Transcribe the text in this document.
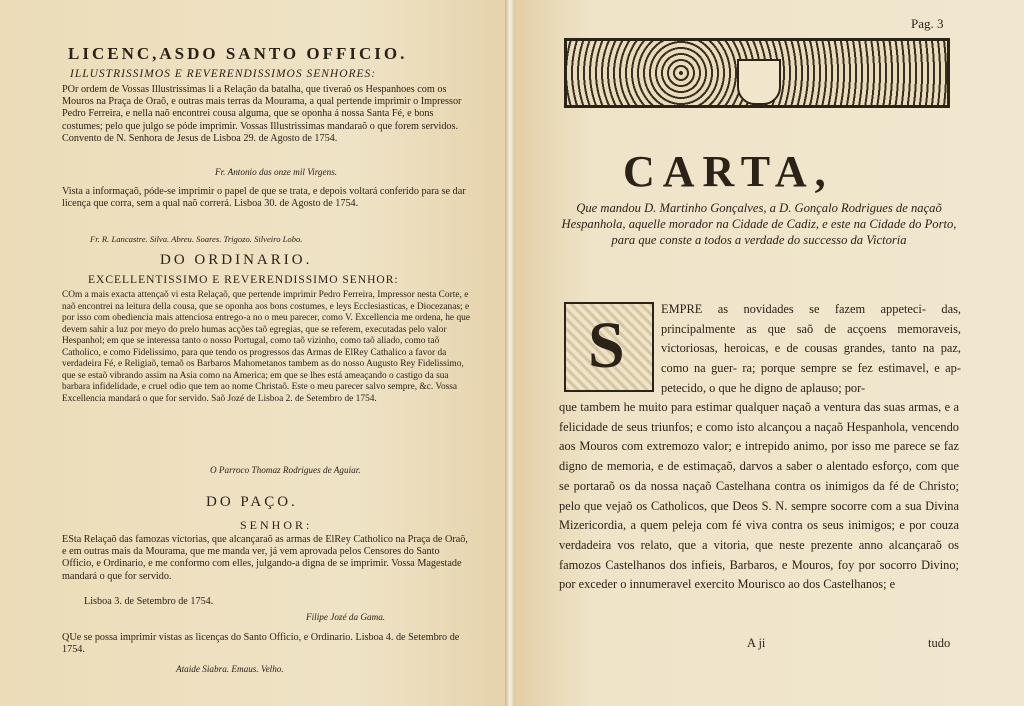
LICENC,ASDO SANTO OFFICIO.
ILLUSTRISSIMOS E REVERENDISSIMOS SENHORES:
POr ordem de Vossas Illustrissimas li a Relação da batalha, que tiveraõ os Hespanhoes com os Mouros na Praça de Oraõ, e outras mais terras da Mourama, a qual pertende imprimir o Impressor Pedro Ferreira, e nella naõ encontrei cousa alguma, que se oponha á nossa Santa Fé, e bons costumes; pelo que julgo se póde imprimir. Vossas Illustrissimas mandaraõ o que forem servidos. Convento de N. Senhora de Jesus de Lisboa 29. de Agosto de 1754.
Fr. Antonio das onze mil Virgens.
Vista a informaçaõ, póde-se imprimir o papel de que se trata, e depois voltará conferido para se dar licença que corra, sem a qual naõ correrá. Lisboa 30. de Agosto de 1754.
Fr. R. Lancastre. Silva. Abreu. Soares. Trigozo. Silveiro Lobo.
DO ORDINARIO.
EXCELLENTISSIMO E REVERENDISSIMO SENHOR:
COm a mais exacta attençaõ vi esta Relaçaõ, que pertende imprimir Pedro Ferreira, Impressor nesta Corte, e naõ encontrei na leitura della cousa, que se oponha aos bons costumes, e leys Ecclesiasticas, e Diocezanas; e por isso com obediencia mais attenciosa entrego-a no o meu parecer, como V. Excellencia me ordena, he que devem sahir a luz por meyo do prelo humas acções taõ egregias, que se referem, executadas pelo valor Hespanhol; em que se interessa tanto o nosso Portugal, como taõ vizinho, como taõ aliado, como taõ Catholico, e como Fidelissimo, para que tendo os progressos das Armas de ElRey Cathalico a favor da verdadeira Fé, e Religiaõ, temaõ os Barbaros Mahometanos tambem as do nosso Augusto Rey Fidelissimo, que se estaõ vibrando assim na Asia como na America; em que se lhes está ameaçando o castigo da sua barbara infidelidade, e cruel odio que tem ao nome Christaõ. Este o meu parecer salvo sempre, &c. Vossa Excellencia mandará o que for servido. Saõ Jozé de Lisboa 2. de Setembro de 1754.
O Parroco Thomaz Rodrigues de Aguiar.
DO PAÇO.
SENHOR:
ESta Relaçaõ das famozas victorias, que alcançaraõ as armas de ElRey Catholico na Praça de Oraõ, e em outras mais da Mourama, que me manda ver, já vem aprovada pelos Censores do Santo Officio, e Ordinario, e me conformo com elles, julgando-a digna de se imprimir. Vossa Magestade mandará o que for servido.
Lisboa 3. de Setembro de 1754.
Filipe Jozé da Gama.
QUe se possa imprimir vistas as licenças do Santo Officio, e Ordinario. Lisboa 4. de Setembro de 1754.
Ataide Siabra. Emaus. Velho.
Pag. 3
CARTA,
Que mandou D. Martinho Gonçalves, a D. Gonçalo Rodrigues de naçaõ Hespanhola, aquelle morador na Cidade de Cadiz, e este na Cidade do Porto, para que conste a todos a verdade do successo da Victoria
S	EMPRE as novidades se fazem appeteci- das, principalmente as que saõ de acçoens memoraveis, victoriosas, heroicas, e de cousas grandes, tanto na paz, como na guer- ra; porque sempre se fez estimavel, e ap- petecido, o que he digno de aplauso; por-
que tambem he muito para estimar qualquer naçaõ a ventura das suas armas, e a felicidade de seus triunfos; e como isto alcançou a naçaõ Hespanhola, vencendo aos Mouros com extremozo valor; e intrepido animo, por isso me parece se faz digno de memoria, e de estimaçaõ, darvos a saber o alentado esforço, com que se portaraõ os da nossa naçaõ Castelhana contra os inimigos da fé de Christo; pelo que vejaõ os Catholicos, que Deos S. N. sempre socorre com a sua Divina Mizericordia, a quem peleja com fé viva contra os seus inimigos; e por couza verdadeira vos relato, que a vitoria, que neste prezente anno alcançaraõ os famozos Castelhanos dos infieis, Barbaros, e Mouros, foy por socorro Divino; por exceder o innumeravel exercito Mourisco ao dos Castelhanos; e
A ji	tudo
